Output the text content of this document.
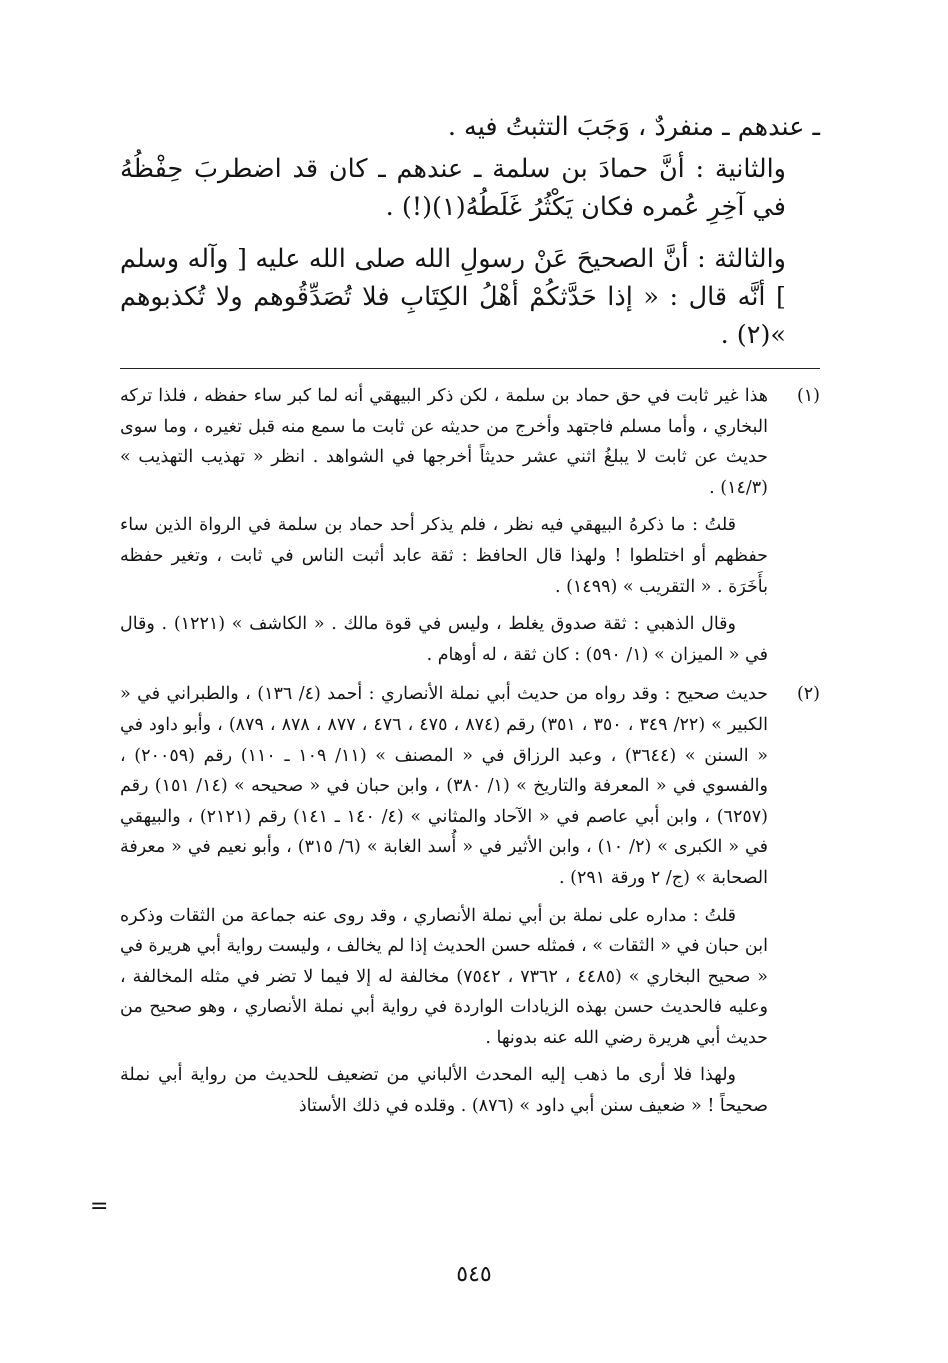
ـ عندهم ـ منفردٌ ، وَجَبَ التثبتُ فيه .

والثانية : أنَّ حمادَ بن سلمة ـ عندهم ـ كان قد اضطربَ حِفْظُهُ في آخِرِ عُمره فكان يَكْثُرُ غَلَطُهُ(١)(!) .

والثالثة : أنَّ الصحيحَ عَنْ رسولِ الله صلى الله عليه [ وآله وسلم ] أنَّه قال : « إذا حَدَّثكُمْ أهْلُ الكِتَابِ فلا تُصَدِّقُوهم ولا تُكذبوهم »(٢) .

(١)

هذا غير ثابت في حق حماد بن سلمة ، لكن ذكر البيهقي أنه لما كبر ساء حفظه ، فلذا تركه البخاري ، وأما مسلم فاجتهد وأخرج من حديثه عن ثابت ما سمع منه قبل تغيره ، وما سوى حديث عن ثابت لا يبلغُ اثني عشر حديثاً أخرجها في الشواهد . انظر « تهذيب التهذيب » (١٤/٣) .

قلتُ : ما ذكرهُ البيهقي فيه نظر ، فلم يذكر أحد حماد بن سلمة في الرواة الذين ساء حفظهم أو اختلطوا ! ولهذا قال الحافظ : ثقة عابد أثبت الناس في ثابت ، وتغير حفظه بأَخَرَة . « التقريب » (١٤٩٩) .

وقال الذهبي : ثقة صدوق يغلط ، وليس في قوة مالك . « الكاشف » (١٢٢١) . وقال في « الميزان » (١/ ٥٩٠) : كان ثقة ، له أوهام .

(٢)

حديث صحيح : وقد رواه من حديث أبي نملة الأنصاري : أحمد (٤/ ١٣٦) ، والطبراني في « الكبير » (٢٢/ ٣٤٩ ، ٣٥٠ ، ٣٥١) رقم (٨٧٤ ، ٤٧٥ ، ٤٧٦ ، ٨٧٧ ، ٨٧٨ ، ٨٧٩) ، وأبو داود في « السنن » (٣٦٤٤) ، وعبد الرزاق في « المصنف » (١١/ ١٠٩ ـ ١١٠) رقم (٢٠٠٥٩) ، والفسوي في « المعرفة والتاريخ » (١/ ٣٨٠) ، وابن حبان في « صحيحه » (١٤/ ١٥١) رقم (٦٢٥٧) ، وابن أبي عاصم في « الآحاد والمثاني » (٤/ ١٤٠ ـ ١٤١) رقم (٢١٢١) ، والبيهقي في « الكبرى » (٢/ ١٠) ، وابن الأثير في « أُسد الغابة » (٦/ ٣١٥) ، وأبو نعيم في « معرفة الصحابة » (ج/ ٢ ورقة ٢٩١) .

قلتُ : مداره على نملة بن أبي نملة الأنصاري ، وقد روى عنه جماعة من الثقات وذكره ابن حبان في « الثقات » ، فمثله حسن الحديث إذا لم يخالف ، وليست رواية أبي هريرة في « صحيح البخاري » (٤٤٨٥ ، ٧٣٦٢ ، ٧٥٤٢) مخالفة له إلا فيما لا تضر في مثله المخالفة ، وعليه فالحديث حسن بهذه الزيادات الواردة في رواية أبي نملة الأنصاري ، وهو صحيح من حديث أبي هريرة رضي الله عنه بدونها .

ولهذا فلا أرى ما ذهب إليه المحدث الألباني من تضعيف للحديث من رواية أبي نملة صحيحاً ! « ضعيف سنن أبي داود » (٨٧٦) . وقلده في ذلك الأستاذ

=
٥٤٥
